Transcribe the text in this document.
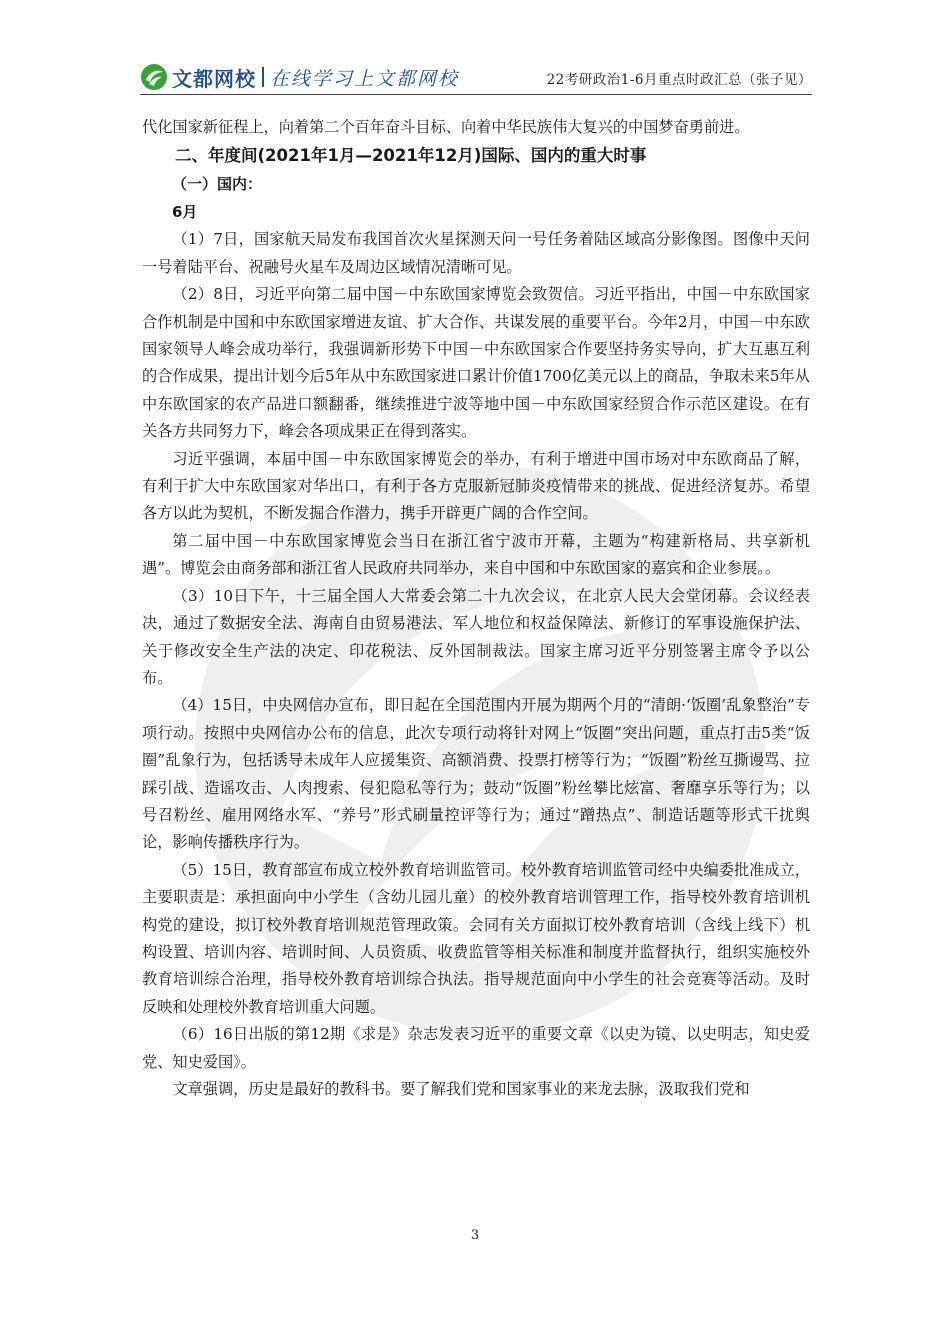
文都网校 在线学习上文都网校	22考研政治1-6月重点时政汇总（张子见）

代化国家新征程上，向着第二个百年奋斗目标、向着中华民族伟大复兴的中国梦奋勇前进。

二、年度间(2021年1月—2021年12月)国际、国内的重大时事

（一）国内：

6月

（1）7日，国家航天局发布我国首次火星探测天问一号任务着陆区域高分影像图。图像中天问一号着陆平台、祝融号火星车及周边区域情况清晰可见。

（2）8日，习近平向第二届中国－中东欧国家博览会致贺信。习近平指出，中国－中东欧国家合作机制是中国和中东欧国家增进友谊、扩大合作、共谋发展的重要平台。今年2月，中国－中东欧国家领导人峰会成功举行，我强调新形势下中国－中东欧国家合作要坚持务实导向，扩大互惠互利的合作成果，提出计划今后5年从中东欧国家进口累计价值1700亿美元以上的商品，争取未来5年从中东欧国家的农产品进口额翻番，继续推进宁波等地中国－中东欧国家经贸合作示范区建设。在有关各方共同努力下，峰会各项成果正在得到落实。

习近平强调，本届中国－中东欧国家博览会的举办，有利于增进中国市场对中东欧商品了解，有利于扩大中东欧国家对华出口，有利于各方克服新冠肺炎疫情带来的挑战、促进经济复苏。希望各方以此为契机，不断发掘合作潜力，携手开辟更广阔的合作空间。

第二届中国－中东欧国家博览会当日在浙江省宁波市开幕，主题为“构建新格局、共享新机遇”。博览会由商务部和浙江省人民政府共同举办，来自中国和中东欧国家的嘉宾和企业参展。。

（3）10日下午，十三届全国人大常委会第二十九次会议，在北京人民大会堂闭幕。会议经表决，通过了数据安全法、海南自由贸易港法、军人地位和权益保障法、新修订的军事设施保护法、关于修改安全生产法的决定、印花税法、反外国制裁法。国家主席习近平分别签署主席令予以公布。

（4）15日，中央网信办宣布，即日起在全国范围内开展为期两个月的“清朗·‘饭圈’乱象整治”专项行动。按照中央网信办公布的信息，此次专项行动将针对网上“饭圈”突出问题，重点打击5类“饭圈”乱象行为，包括诱导未成年人应援集资、高额消费、投票打榜等行为；“饭圈”粉丝互撕谩骂、拉踩引战、造谣攻击、人肉搜索、侵犯隐私等行为；鼓动“饭圈”粉丝攀比炫富、奢靡享乐等行为；以号召粉丝、雇用网络水军、“养号”形式刷量控评等行为；通过“蹭热点”、制造话题等形式干扰舆论，影响传播秩序行为。

（5）15日，教育部宣布成立校外教育培训监管司。校外教育培训监管司经中央编委批准成立，主要职责是：承担面向中小学生（含幼儿园儿童）的校外教育培训管理工作，指导校外教育培训机构党的建设，拟订校外教育培训规范管理政策。会同有关方面拟订校外教育培训（含线上线下）机构设置、培训内容、培训时间、人员资质、收费监管等相关标准和制度并监督执行，组织实施校外教育培训综合治理，指导校外教育培训综合执法。指导规范面向中小学生的社会竞赛等活动。及时反映和处理校外教育培训重大问题。

（6）16日出版的第12期《求是》杂志发表习近平的重要文章《以史为镜、以史明志，知史爱党、知史爱国》。

文章强调，历史是最好的教科书。要了解我们党和国家事业的来龙去脉，汲取我们党和

3
